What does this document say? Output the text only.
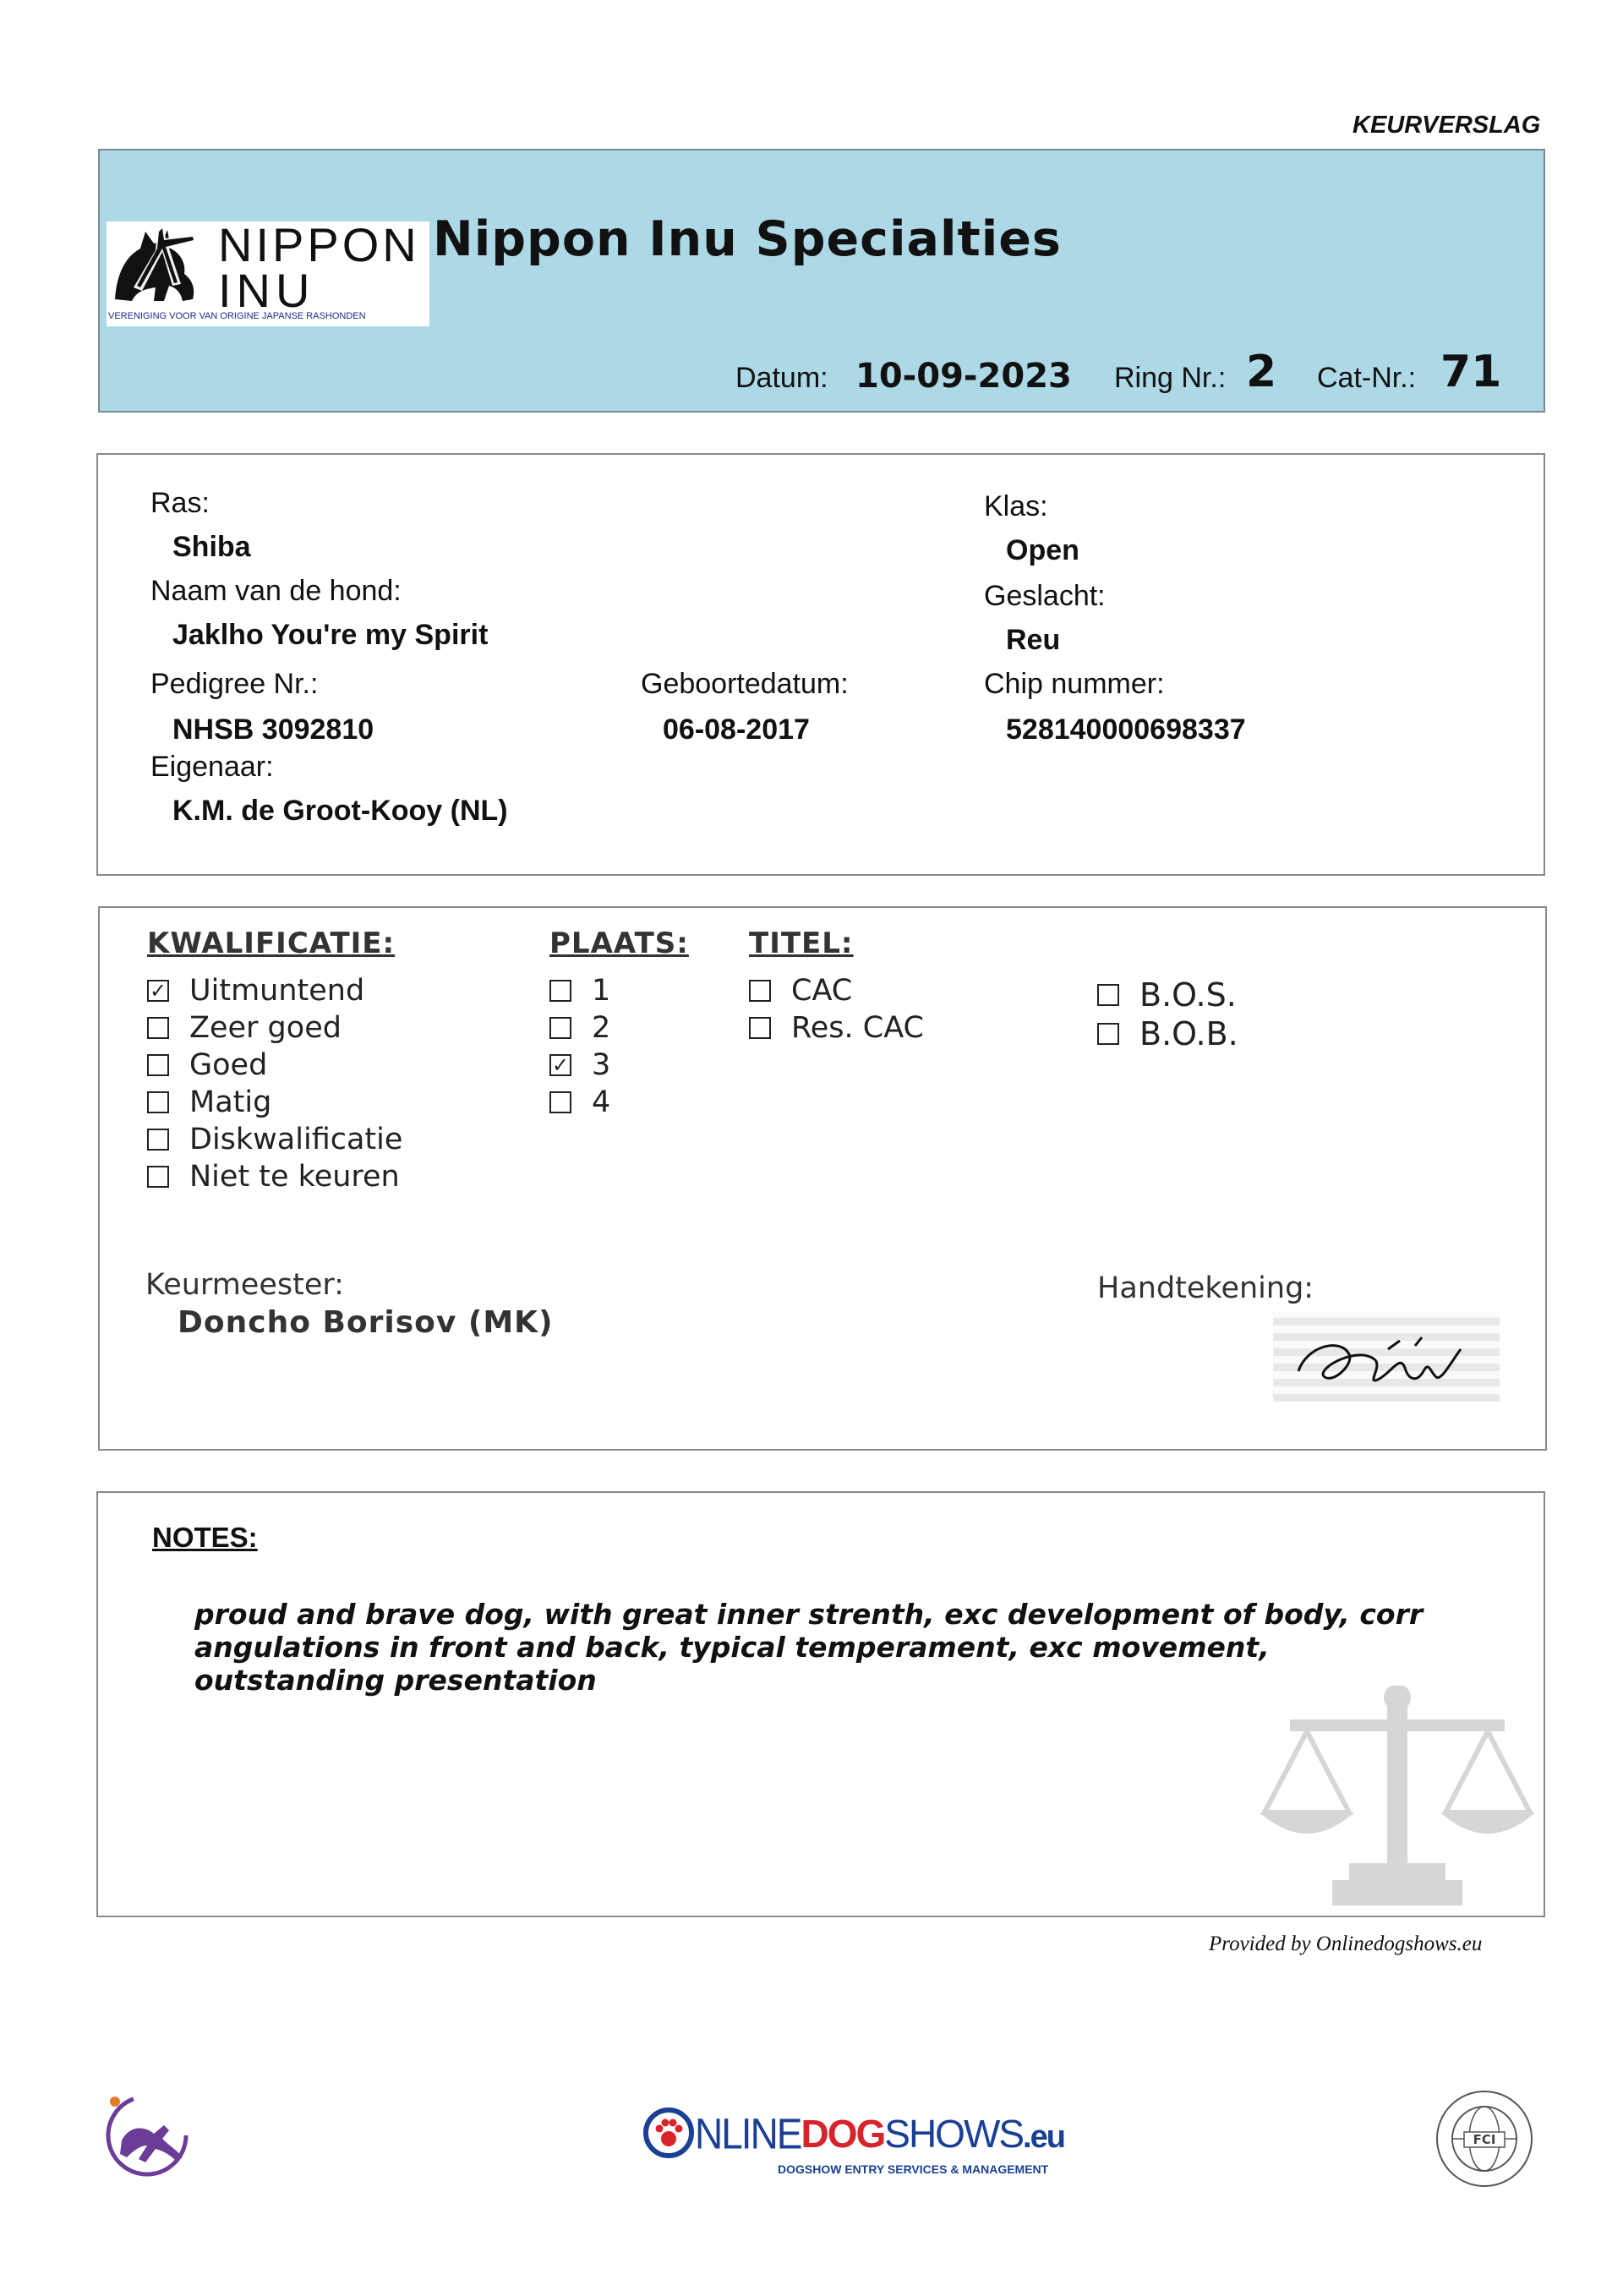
KEURVERSLAG
NIPPON
INU
VERENIGING VOOR VAN ORIGINE JAPANSE RASHONDEN
Nippon Inu Specialties
Datum: 10-09-2023 Ring Nr.: 2 Cat-Nr.: 71
Ras:
Shiba
Naam van de hond:
Jaklho You're my Spirit
Pedigree Nr.:
NHSB 3092810
Eigenaar:
K.M. de Groot-Kooy (NL)
Geboortedatum:
06-08-2017
Klas:
Open
Geslacht:
Reu
Chip nummer:
528140000698337
KWALIFICATIE:
✓
Uitmuntend
Zeer goed
Goed
Matig
Diskwalificatie
Niet te keuren
PLAATS:
1
2
✓
3
4
TITEL:
CAC
Res. CAC
B.O.S.
B.O.B.
Keurmeester:
Doncho Borisov (MK)
Handtekening:
NOTES:
proud and brave dog, with great inner strenth, exc development of body, corr angulations in front and back, typical temperament, exc movement, outstanding presentation
Provided by Onlinedogshows.eu
NLINEDOGSHOWS.eu
DOGSHOW ENTRY SERVICES & MANAGEMENT
FCI
